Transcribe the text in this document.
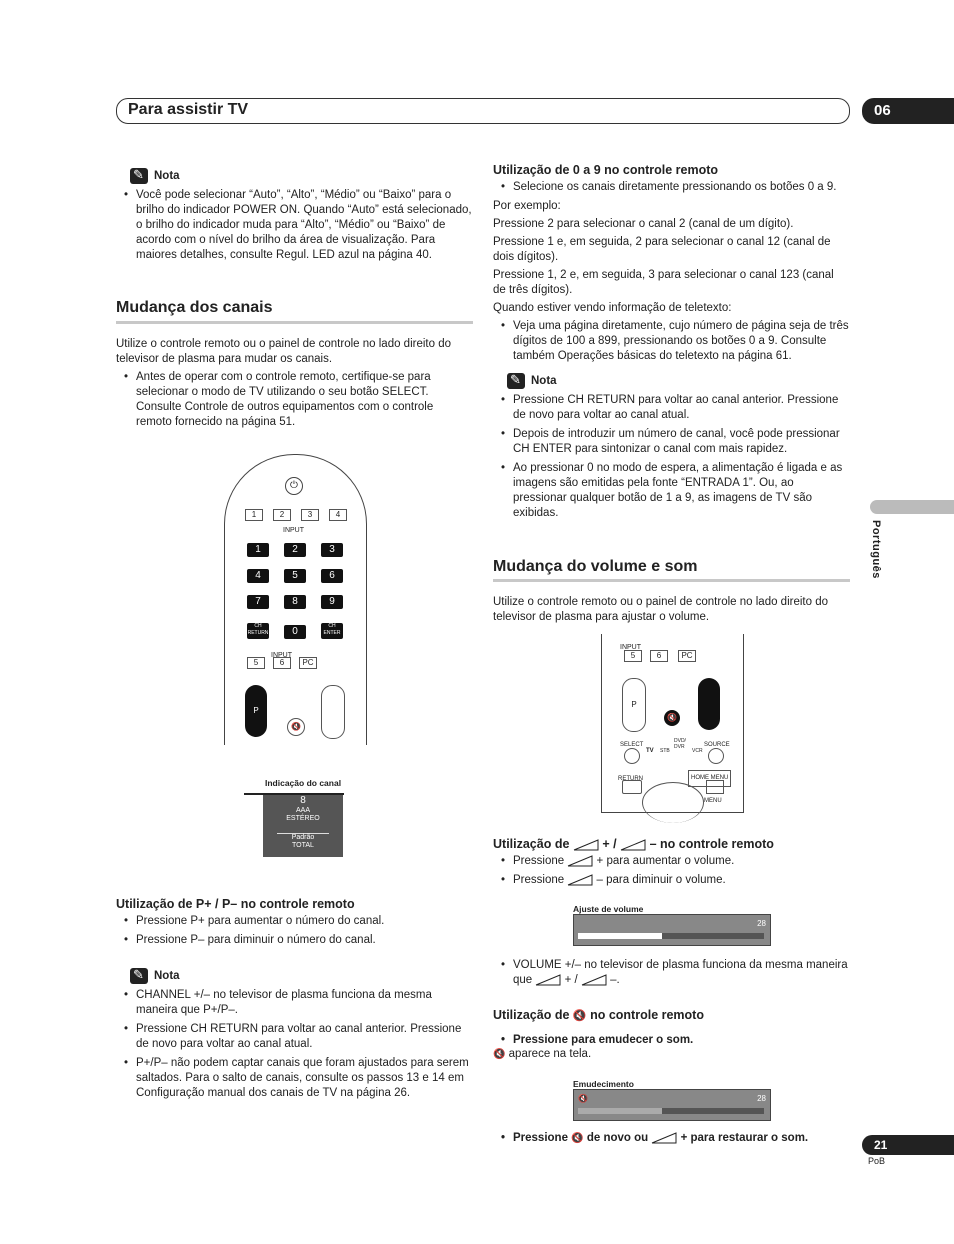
Para assistir TV	06
Português
✎Nota
• Você pode selecionar “Auto”, “Alto”, “Médio” ou “Baixo” para o brilho do indicador POWER ON. Quando “Auto” está selecionado, o brilho do indicador muda para “Alto”, “Médio” ou “Baixo” de acordo com o nível do brilho da área de visualização. Para maiores detalhes, consulte Regul. LED azul na página 40.
Mudança dos canais

Utilize o controle remoto ou o painel de controle no lado direito do televisor de plasma para mudar os canais.

• Antes de operar com o controle remoto, certifique-se para selecionar o modo de TV utilizando o seu botão SELECT. Consulte Controle de outros equipamentos com o controle remoto fornecido na página 51.
⏻
1	2	3	4
INPUT
1	2	3
4	5	6
7	8	9
CH RETURN	0	CH ENTER
INPUT
5	6	PC
P
🔇
Indicação do canal
8
AAA
ESTÉREO
Padrão
TOTAL
Utilização de P+ / P– no controle remoto
• Pressione P+ para aumentar o número do canal.
• Pressione P– para diminuir o número do canal.
✎Nota
• CHANNEL +/– no televisor de plasma funciona da mesma maneira que P+/P–.
• Pressione CH RETURN para voltar ao canal anterior. Pressione de novo para voltar ao canal atual.
• P+/P– não podem captar canais que foram ajustados para serem saltados. Para o salto de canais, consulte os passos 13 e 14 em Configuração manual dos canais de TV na página 26.
Utilização de 0 a 9 no controle remoto
• Selecione os canais diretamente pressionando os botões 0 a 9.

Por exemplo:

Pressione 2 para selecionar o canal 2 (canal de um dígito).

Pressione 1 e, em seguida, 2 para selecionar o canal 12 (canal de dois dígitos).

Pressione 1, 2 e, em seguida, 3 para selecionar o canal 123 (canal de três dígitos).

Quando estiver vendo informação de teletexto:

• Veja uma página diretamente, cujo número de página seja de três dígitos de 100 a 899, pressionando os botões 0 a 9. Consulte também Operações básicas do teletexto na página 61.
✎Nota
• Pressione CH RETURN para voltar ao canal anterior. Pressione de novo para voltar ao canal atual.
• Depois de introduzir um número de canal, você pode pressionar CH ENTER para sintonizar o canal com mais rapidez.
• Ao pressionar 0 no modo de espera, a alimentação é ligada e as imagens são emitidas pela fonte “ENTRADA 1”. Ou, ao pressionar qualquer botão de 1 a 9, as imagens de TV são exibidas.
Mudança do volume e som
Utilize o controle remoto ou o painel de controle no lado direito do televisor de plasma para ajustar o volume.
INPUT
5	6	PC
P
🔇
SELECT
TV STB
DVD/ DVR
VCR
SOURCE
RETURN	HOME MENU
MENU
Utilização de	+ /	– no controle remoto
• Pressione	+ para aumentar o volume.
• Pressione	– para diminuir o volume.
Ajuste de volume
28
• VOLUME +/– no televisor de plasma funciona da mesma maneira que	+ /	–.
Utilização de 🔇 no controle remoto
• Pressione para emudecer o som.
🔇 aparece na tela.
Emudecimento
🔇	28
• Pressione 🔇 de novo ou	+ para restaurar o som.	21
PoB
